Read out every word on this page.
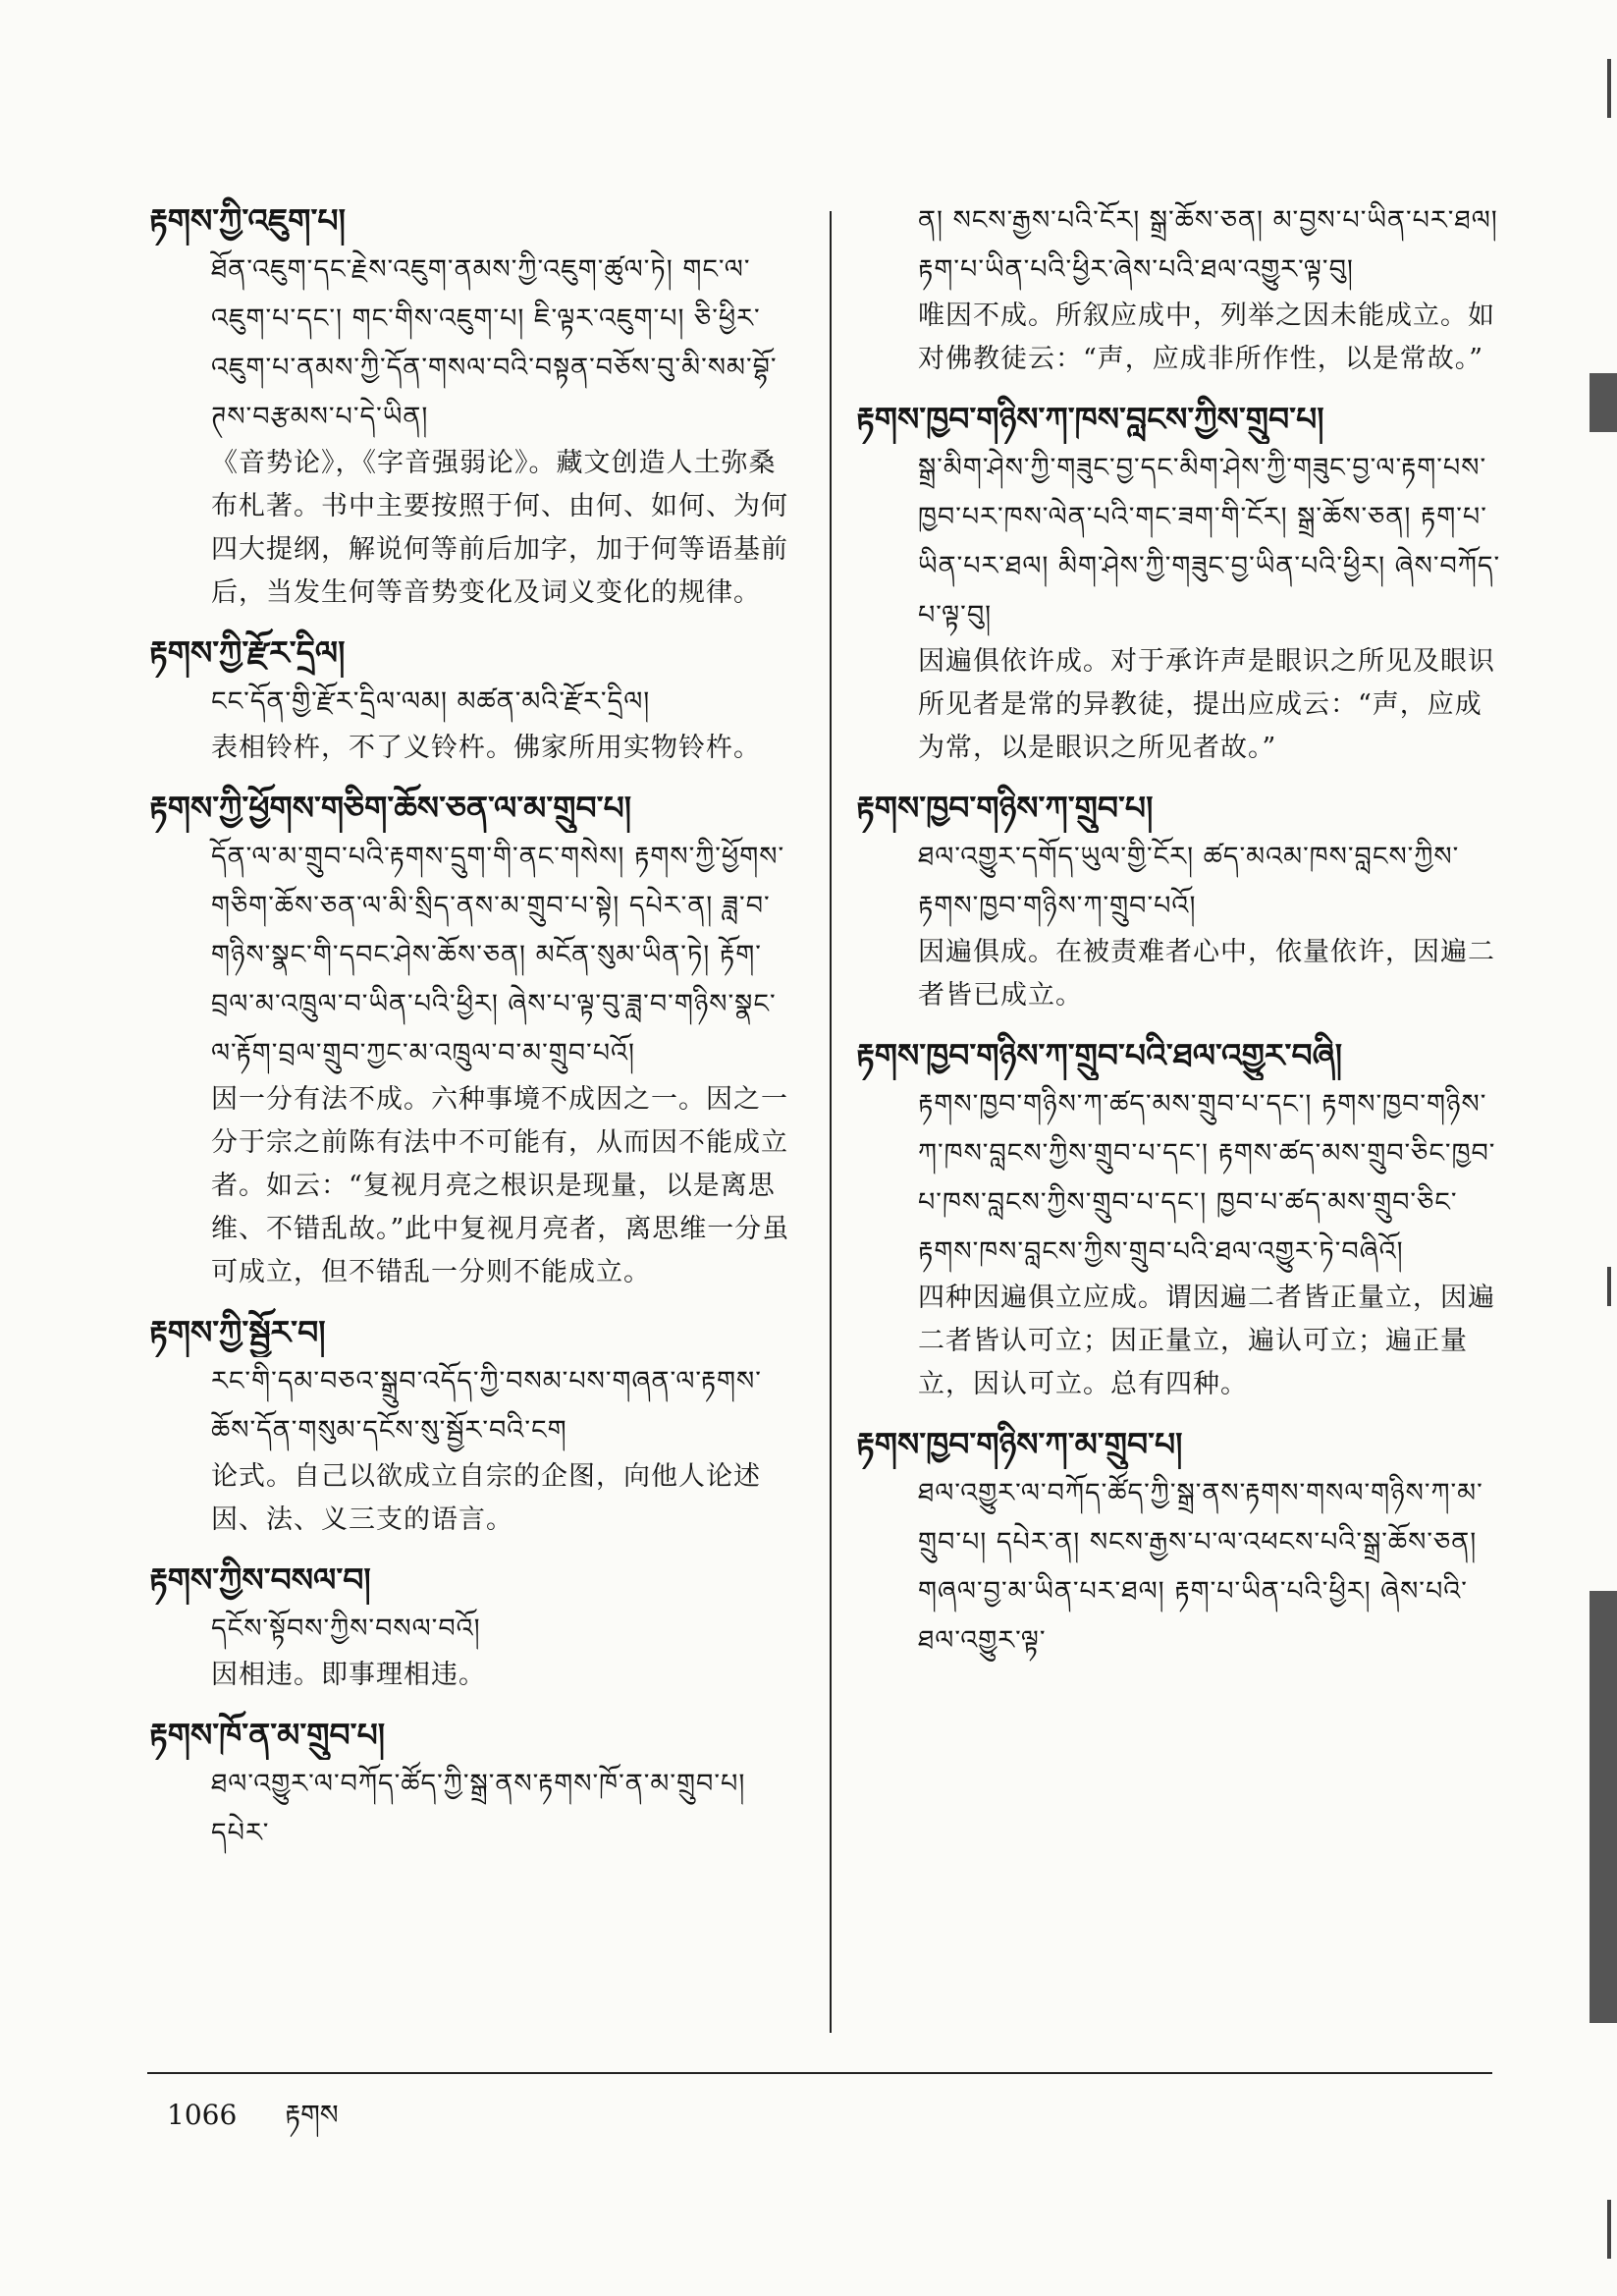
རྟགས་ཀྱི་འཇུག་པ།
ཐོན་འཇུག་དང་རྗེས་འཇུག་ནམས་ཀྱི་འཇུག་ཚུལ་ཏེ། གང་ལ་འཇུག་པ་དང་། གང་གིས་འཇུག་པ། ཇི་ལྟར་འཇུག་པ། ཅི་ཕྱིར་འཇུག་པ་ནམས་ཀྱི་དོན་གསལ་བའི་བསྟན་བཅོས་བུ་མི་སམ་བྷོ་ཊས་བརྩམས་པ་དེ་ཡིན།
《音势论》，《字音强弱论》。藏文创造人土弥桑布札著。书中主要按照于何、由何、如何、为何四大提纲，解说何等前后加字，加于何等语基前后，当发生何等音势变化及词义变化的规律。
རྟགས་ཀྱི་རྫོར་དྲིལ།
ངང་དོན་གྱི་རྫོར་དྲིལ་ལམ། མཚན་མའི་རྫོར་དྲིལ།
表相铃杵，不了义铃杵。佛家所用实物铃杵。
རྟགས་ཀྱི་ཕྱོགས་གཅིག་ཆོས་ཅན་ལ་མ་གྲུབ་པ།
དོན་ལ་མ་གྲུབ་པའི་རྟགས་དྲུག་གི་ནང་གསེས། རྟགས་ཀྱི་ཕྱོགས་གཅིག་ཆོས་ཅན་ལ་མི་སྲིད་ནས་མ་གྲུབ་པ་སྟེ། དཔེར་ན། ཟླ་བ་གཉིས་སྣང་གི་དབང་ཤེས་ཆོས་ཅན། མངོན་སུམ་ཡིན་ཏེ། རྟོག་བྲལ་མ་འཁྲུལ་བ་ཡིན་པའི་ཕྱིར། ཞེས་པ་ལྟ་བུ་ཟླ་བ་གཉིས་སྣང་ལ་རྟོག་བྲལ་གྲུབ་ཀྱང་མ་འཁྲུལ་བ་མ་གྲུབ་པའོ།
因一分有法不成。六种事境不成因之一。因之一分于宗之前陈有法中不可能有，从而因不能成立者。如云：“复视月亮之根识是现量，以是离思维、不错乱故。”此中复视月亮者，离思维一分虽可成立，但不错乱一分则不能成立。
རྟགས་ཀྱི་སྦྱོར་བ།
རང་གི་དམ་བཅའ་སྒྲུབ་འདོད་ཀྱི་བསམ་པས་གཞན་ལ་རྟགས་ཆོས་དོན་གསུམ་དངོས་སུ་སྦྱོར་བའི་ངག
论式。自己以欲成立自宗的企图，向他人论述因、法、义三支的语言。
རྟགས་ཀྱིས་བསལ་བ།
དངོས་སྟོབས་ཀྱིས་བསལ་བའོ།
因相违。即事理相违。
རྟགས་ཁོ་ན་མ་གྲུབ་པ།
ཐལ་འགྱུར་ལ་བཀོད་ཚོད་ཀྱི་སྒྲ་ནས་རྟགས་ཁོ་ན་མ་གྲུབ་པ། དཔེར་
ན། སངས་རྒྱས་པའི་ངོར། སྒྲ་ཆོས་ཅན། མ་བྱས་པ་ཡིན་པར་ཐལ། རྟག་པ་ཡིན་པའི་ཕྱིར་ཞེས་པའི་ཐལ་འགྱུར་ལྟ་བུ།
唯因不成。所叙应成中，列举之因未能成立。如对佛教徒云：“声，应成非所作性，以是常故。”
རྟགས་ཁྱབ་གཉིས་ཀ་ཁས་བླངས་ཀྱིས་གྲུབ་པ།
སྒྲ་མིག་ཤེས་ཀྱི་གཟུང་བྱ་དང་མིག་ཤེས་ཀྱི་གཟུང་བྱ་ལ་རྟག་པས་ཁྱབ་པར་ཁས་ལེན་པའི་གང་ཟག་གི་ངོར། སྒྲ་ཆོས་ཅན། རྟག་པ་ཡིན་པར་ཐལ། མིག་ཤེས་ཀྱི་གཟུང་བྱ་ཡིན་པའི་ཕྱིར། ཞེས་བཀོད་པ་ལྟ་བུ།
因遍俱依许成。对于承许声是眼识之所见及眼识所见者是常的异教徒，提出应成云：“声，应成为常，以是眼识之所见者故。”
རྟགས་ཁྱབ་གཉིས་ཀ་གྲུབ་པ།
ཐལ་འགྱུར་དགོད་ཡུལ་གྱི་ངོར། ཚད་མའམ་ཁས་བླངས་ཀྱིས་རྟགས་ཁྱབ་གཉིས་ཀ་གྲུབ་པའོ།
因遍俱成。在被责难者心中，依量依许，因遍二者皆已成立。
རྟགས་ཁྱབ་གཉིས་ཀ་གྲུབ་པའི་ཐལ་འགྱུར་བཞི།
རྟགས་ཁྱབ་གཉིས་ཀ་ཚད་མས་གྲུབ་པ་དང་། རྟགས་ཁྱབ་གཉིས་ཀ་ཁས་བླངས་ཀྱིས་གྲུབ་པ་དང་། རྟགས་ཚད་མས་གྲུབ་ཅིང་ཁྱབ་པ་ཁས་བླངས་ཀྱིས་གྲུབ་པ་དང་། ཁྱབ་པ་ཚད་མས་གྲུབ་ཅིང་རྟགས་ཁས་བླངས་ཀྱིས་གྲུབ་པའི་ཐལ་འགྱུར་ཏེ་བཞིའོ།
四种因遍俱立应成。谓因遍二者皆正量立，因遍二者皆认可立；因正量立，遍认可立；遍正量立，因认可立。总有四种。
རྟགས་ཁྱབ་གཉིས་ཀ་མ་གྲུབ་པ།
ཐལ་འགྱུར་ལ་བཀོད་ཚོད་ཀྱི་སྒྲ་ནས་རྟགས་གསལ་གཉིས་ཀ་མ་གྲུབ་པ། དཔེར་ན། སངས་རྒྱས་པ་ལ་འཕངས་པའི་སྒྲ་ཆོས་ཅན། གཞལ་བྱ་མ་ཡིན་པར་ཐལ། རྟག་པ་ཡིན་པའི་ཕྱིར། ཞེས་པའི་ཐལ་འགྱུར་ལྟ་
1066 རྟགས
